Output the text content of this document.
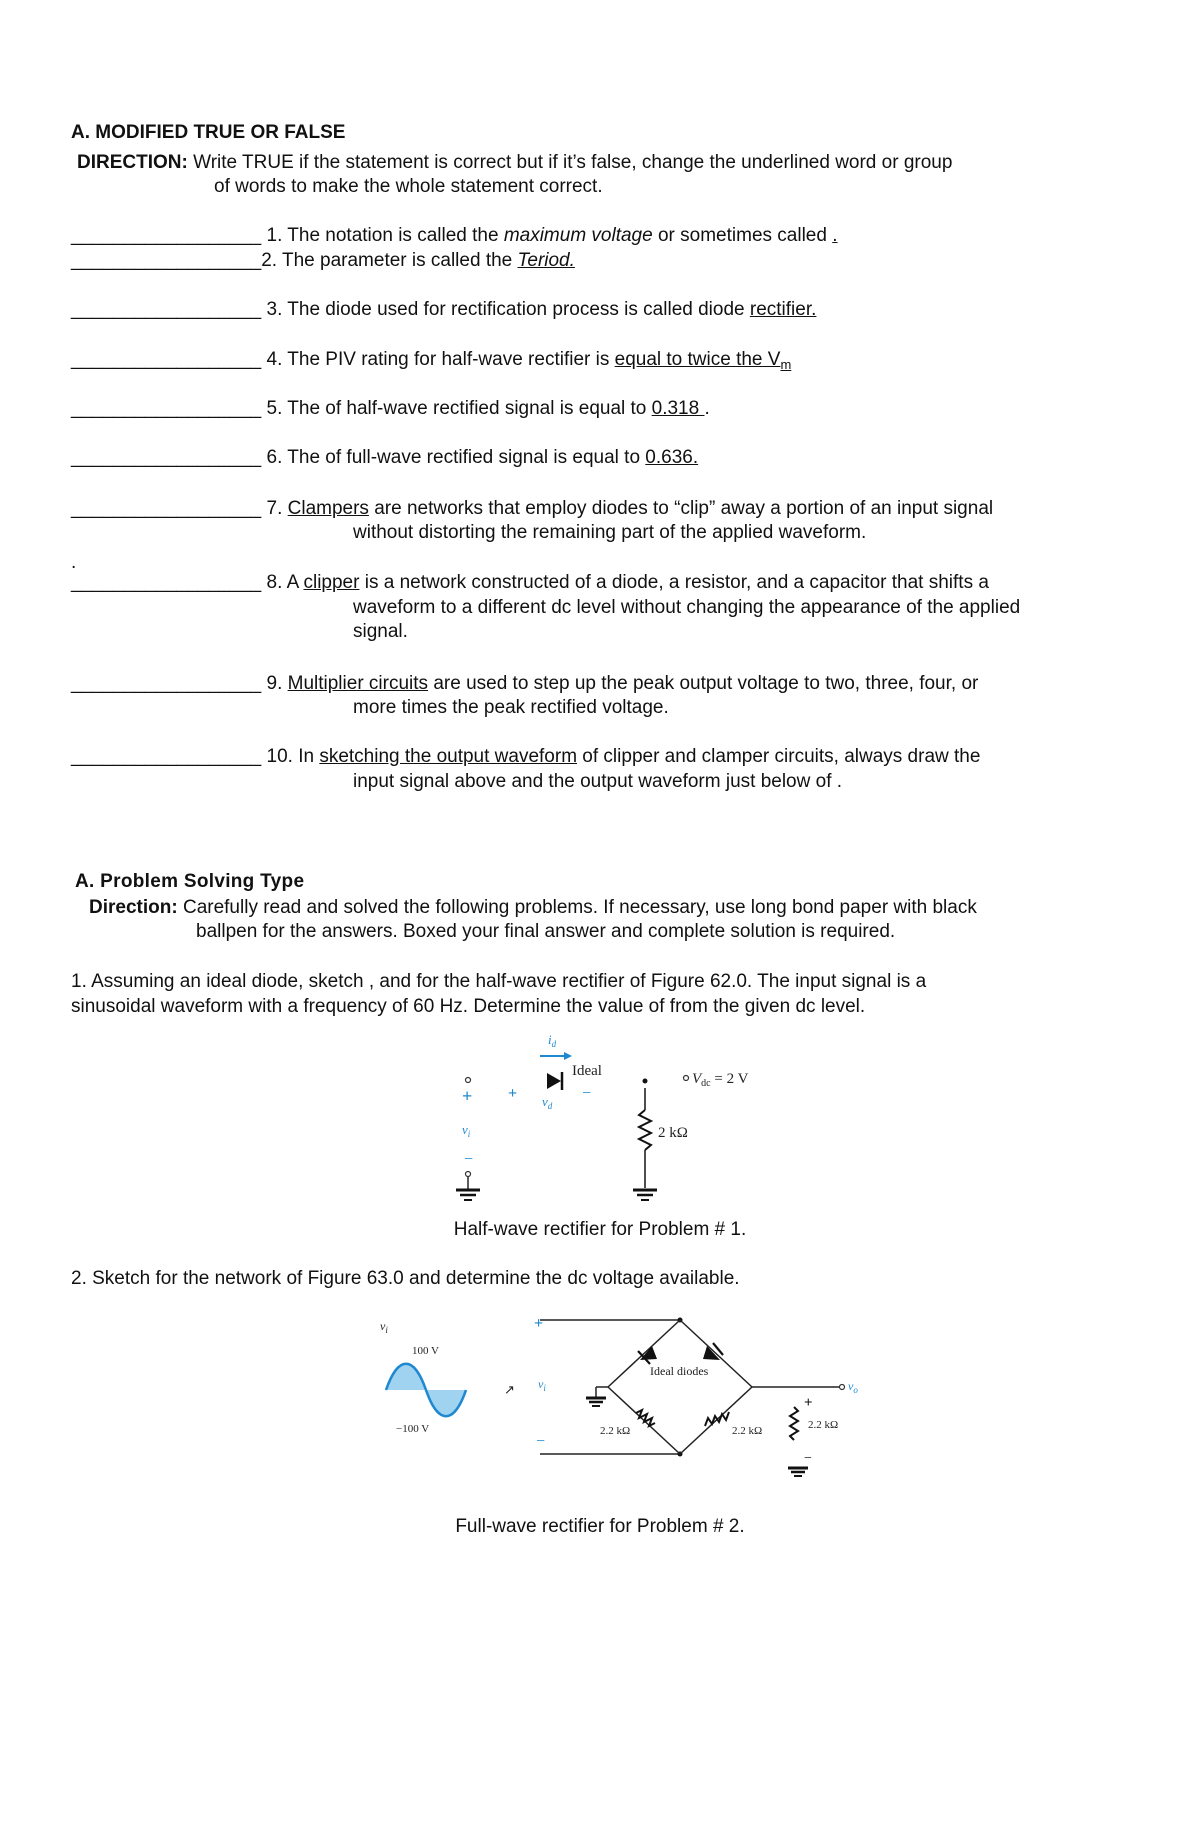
A. MODIFIED TRUE OR FALSE
DIRECTION: Write TRUE if the statement is correct but if it’s false, change the underlined word or group
of words to make the whole statement correct.
__________________ 1. The notation is called the maximum voltage or sometimes called .
__________________2. The parameter is called the Teriod.
__________________ 3. The diode used for rectification process is called diode rectifier.
__________________ 4. The PIV rating for half-wave rectifier is equal to twice the $V_m$
__________________ 5. The of half-wave rectified signal is equal to 0.318 .
__________________ 6. The of full-wave rectified signal is equal to 0.636.
__________________ 7. Clampers are networks that employ diodes to “clip” away a portion of an input signal
without distorting the remaining part of the applied waveform.
.
__________________ 8. A clipper is a network constructed of a diode, a resistor, and a capacitor that shifts a
waveform to a different dc level without changing the appearance of the applied
signal.
__________________ 9. Multiplier circuits are used to step up the peak output voltage to two, three, four, or
more times the peak rectified voltage.
__________________ 10. In sketching the output waveform of clipper and clamper circuits, always draw the
input signal above and the output waveform just below of .
A. Problem Solving Type
Direction: Carefully read and solved the following problems. If necessary, use long bond paper with black
ballpen for the answers. Boxed your final answer and complete solution is required.
1. Assuming an ideal diode, sketch , and for the half-wave rectifier of Figure 62.0. The input signal is a
sinusoidal waveform with a frequency of 60 Hz. Determine the value of from the given dc level.
+
$v_i$
−
$i_d$
Ideal
+	−
$v_d$
2 kΩ
$V_{dc} = 2$ V
Half-wave rectifier for Problem # 1.
2. Sketch for the network of Figure 63.0 and determine the dc voltage available.
$v_i$
100 V
−100 V
↗
+
$v_i$
−
Ideal diodes
2.2 kΩ	2.2 kΩ
$v_o$
+
2.2 kΩ
−
Full-wave rectifier for Problem # 2.
